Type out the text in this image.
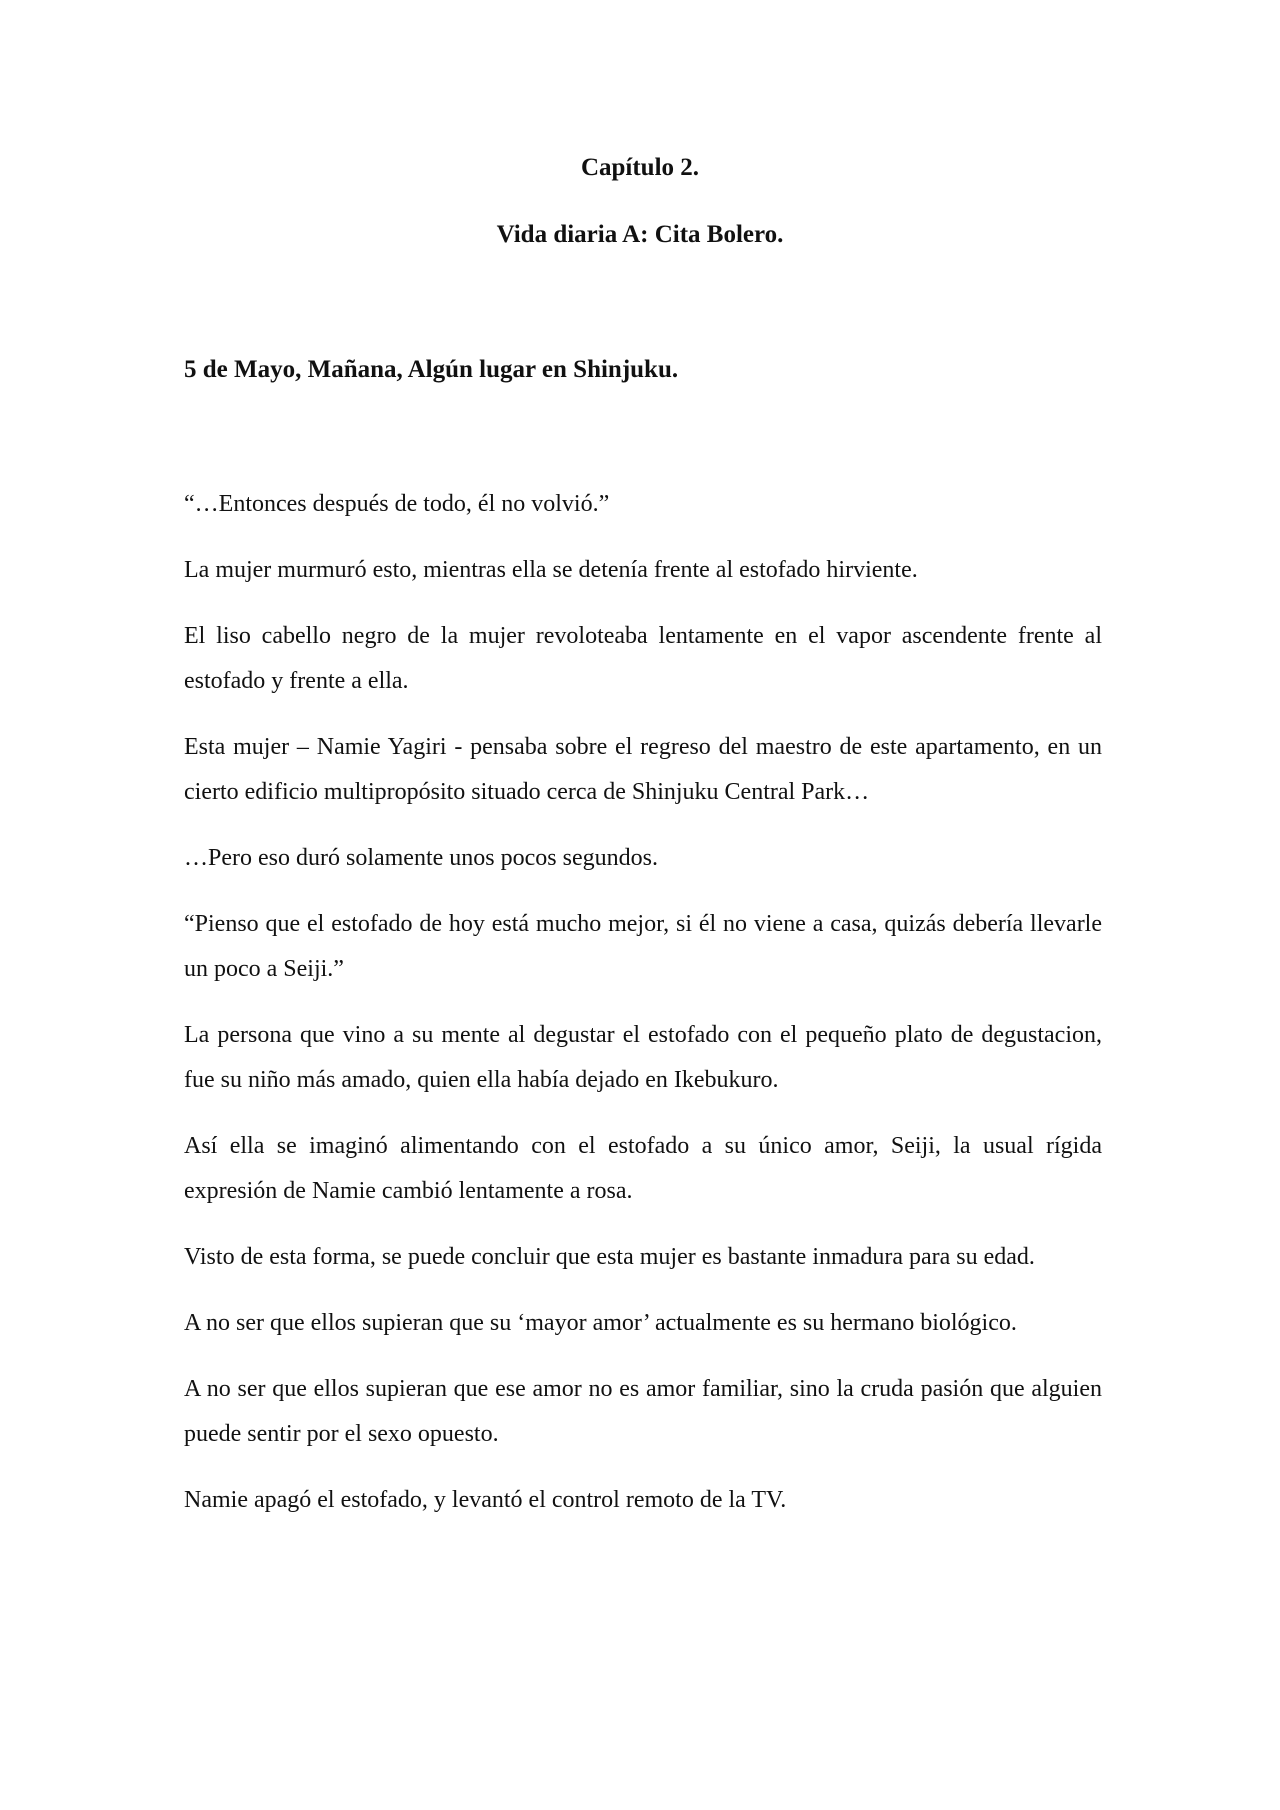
Capítulo 2.
Vida diaria A: Cita Bolero.
5 de Mayo, Mañana, Algún lugar en Shinjuku.

“…Entonces después de todo, él no volvió.”

La mujer murmuró esto, mientras ella se detenía frente al estofado hirviente.

El liso cabello negro de la mujer revoloteaba lentamente en el vapor ascendente frente al estofado y frente a ella.

Esta mujer – Namie Yagiri - pensaba sobre el regreso del maestro de este apartamento, en un cierto edificio multipropósito situado cerca de Shinjuku Central Park…

…Pero eso duró solamente unos pocos segundos.

“Pienso que el estofado de hoy está mucho mejor, si él no viene a casa, quizás debería llevarle un poco a Seiji.”

La persona que vino a su mente al degustar el estofado con el pequeño plato de degustacion, fue su niño más amado, quien ella había dejado en Ikebukuro.

Así ella se imaginó alimentando con el estofado a su único amor, Seiji, la usual rígida expresión de Namie cambió lentamente a rosa.

Visto de esta forma, se puede concluir que esta mujer es bastante inmadura para su edad.

A no ser que ellos supieran que su ‘mayor amor’ actualmente es su hermano biológico.

A no ser que ellos supieran que ese amor no es amor familiar, sino la cruda pasión que alguien puede sentir por el sexo opuesto.

Namie apagó el estofado, y levantó el control remoto de la TV.
